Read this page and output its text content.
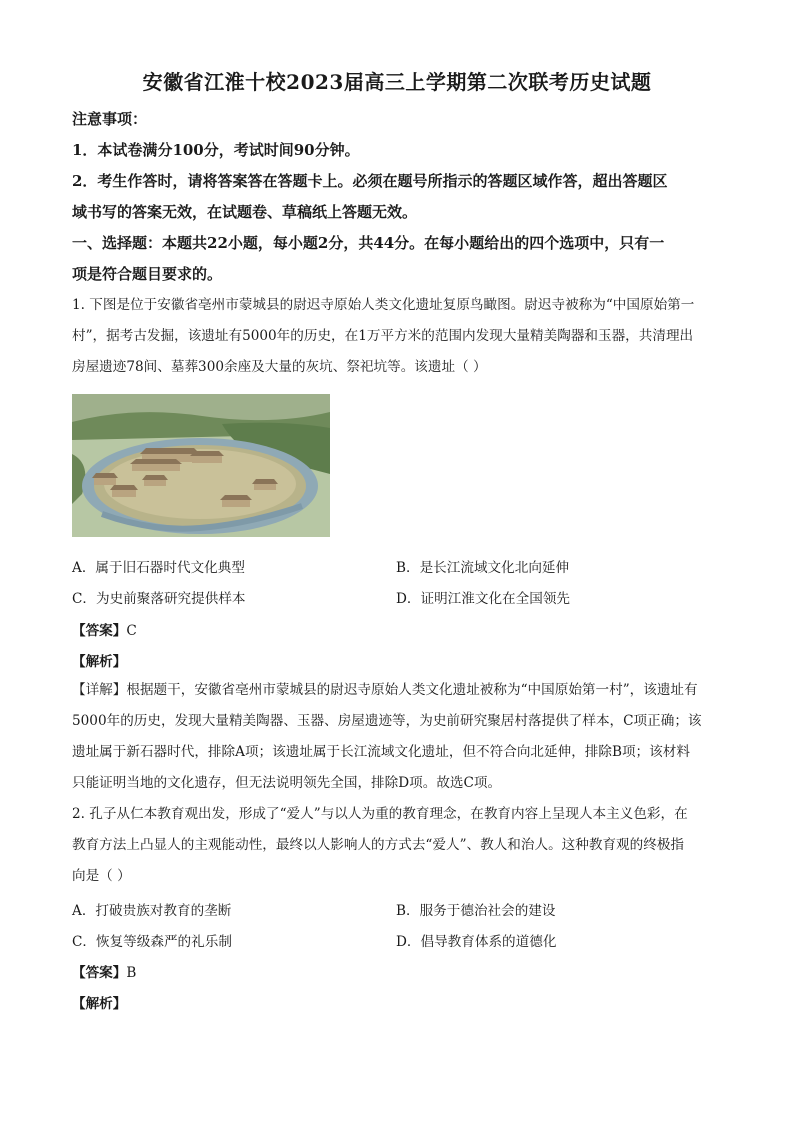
安徽省江淮十校2023届高三上学期第二次联考历史试题
注意事项：
1．本试卷满分100分，考试时间90分钟。
2．考生作答时，请将答案答在答题卡上。必须在题号所指示的答题区域作答，超出答题区
域书写的答案无效，在试题卷、草稿纸上答题无效。
一、选择题：本题共22小题，每小题2分，共44分。在每小题给出的四个选项中，只有一
项是符合题目要求的。
1. 下图是位于安徽省亳州市蒙城县的尉迟寺原始人类文化遗址复原鸟瞰图。尉迟寺被称为“中国原始第一
村”，据考古发掘，该遗址有5000年的历史，在1万平方米的范围内发现大量精美陶器和玉器，共清理出
房屋遗迹78间、墓葬300余座及大量的灰坑、祭祀坑等。该遗址（ ）
A．属于旧石器时代文化典型	B．是长江流域文化北向延伸
C．为史前聚落研究提供样本	D．证明江淮文化在全国领先
【答案】C
【解析】
【详解】根据题干，安徽省亳州市蒙城县的尉迟寺原始人类文化遗址被称为“中国原始第一村”，该遗址有
5000年的历史，发现大量精美陶器、玉器、房屋遗迹等，为史前研究聚居村落提供了样本，C项正确；该
遗址属于新石器时代，排除A项；该遗址属于长江流域文化遗址，但不符合向北延伸，排除B项；该材料
只能证明当地的文化遗存，但无法说明领先全国，排除D项。故选C项。
2. 孔子从仁本教育观出发，形成了“爱人”与以人为重的教育理念，在教育内容上呈现人本主义色彩，在
教育方法上凸显人的主观能动性，最终以人影响人的方式去“爱人”、教人和治人。这种教育观的终极指
向是（ ）
A．打破贵族对教育的垄断	B．服务于德治社会的建设
C．恢复等级森严的礼乐制	D．倡导教育体系的道德化
【答案】B
【解析】
